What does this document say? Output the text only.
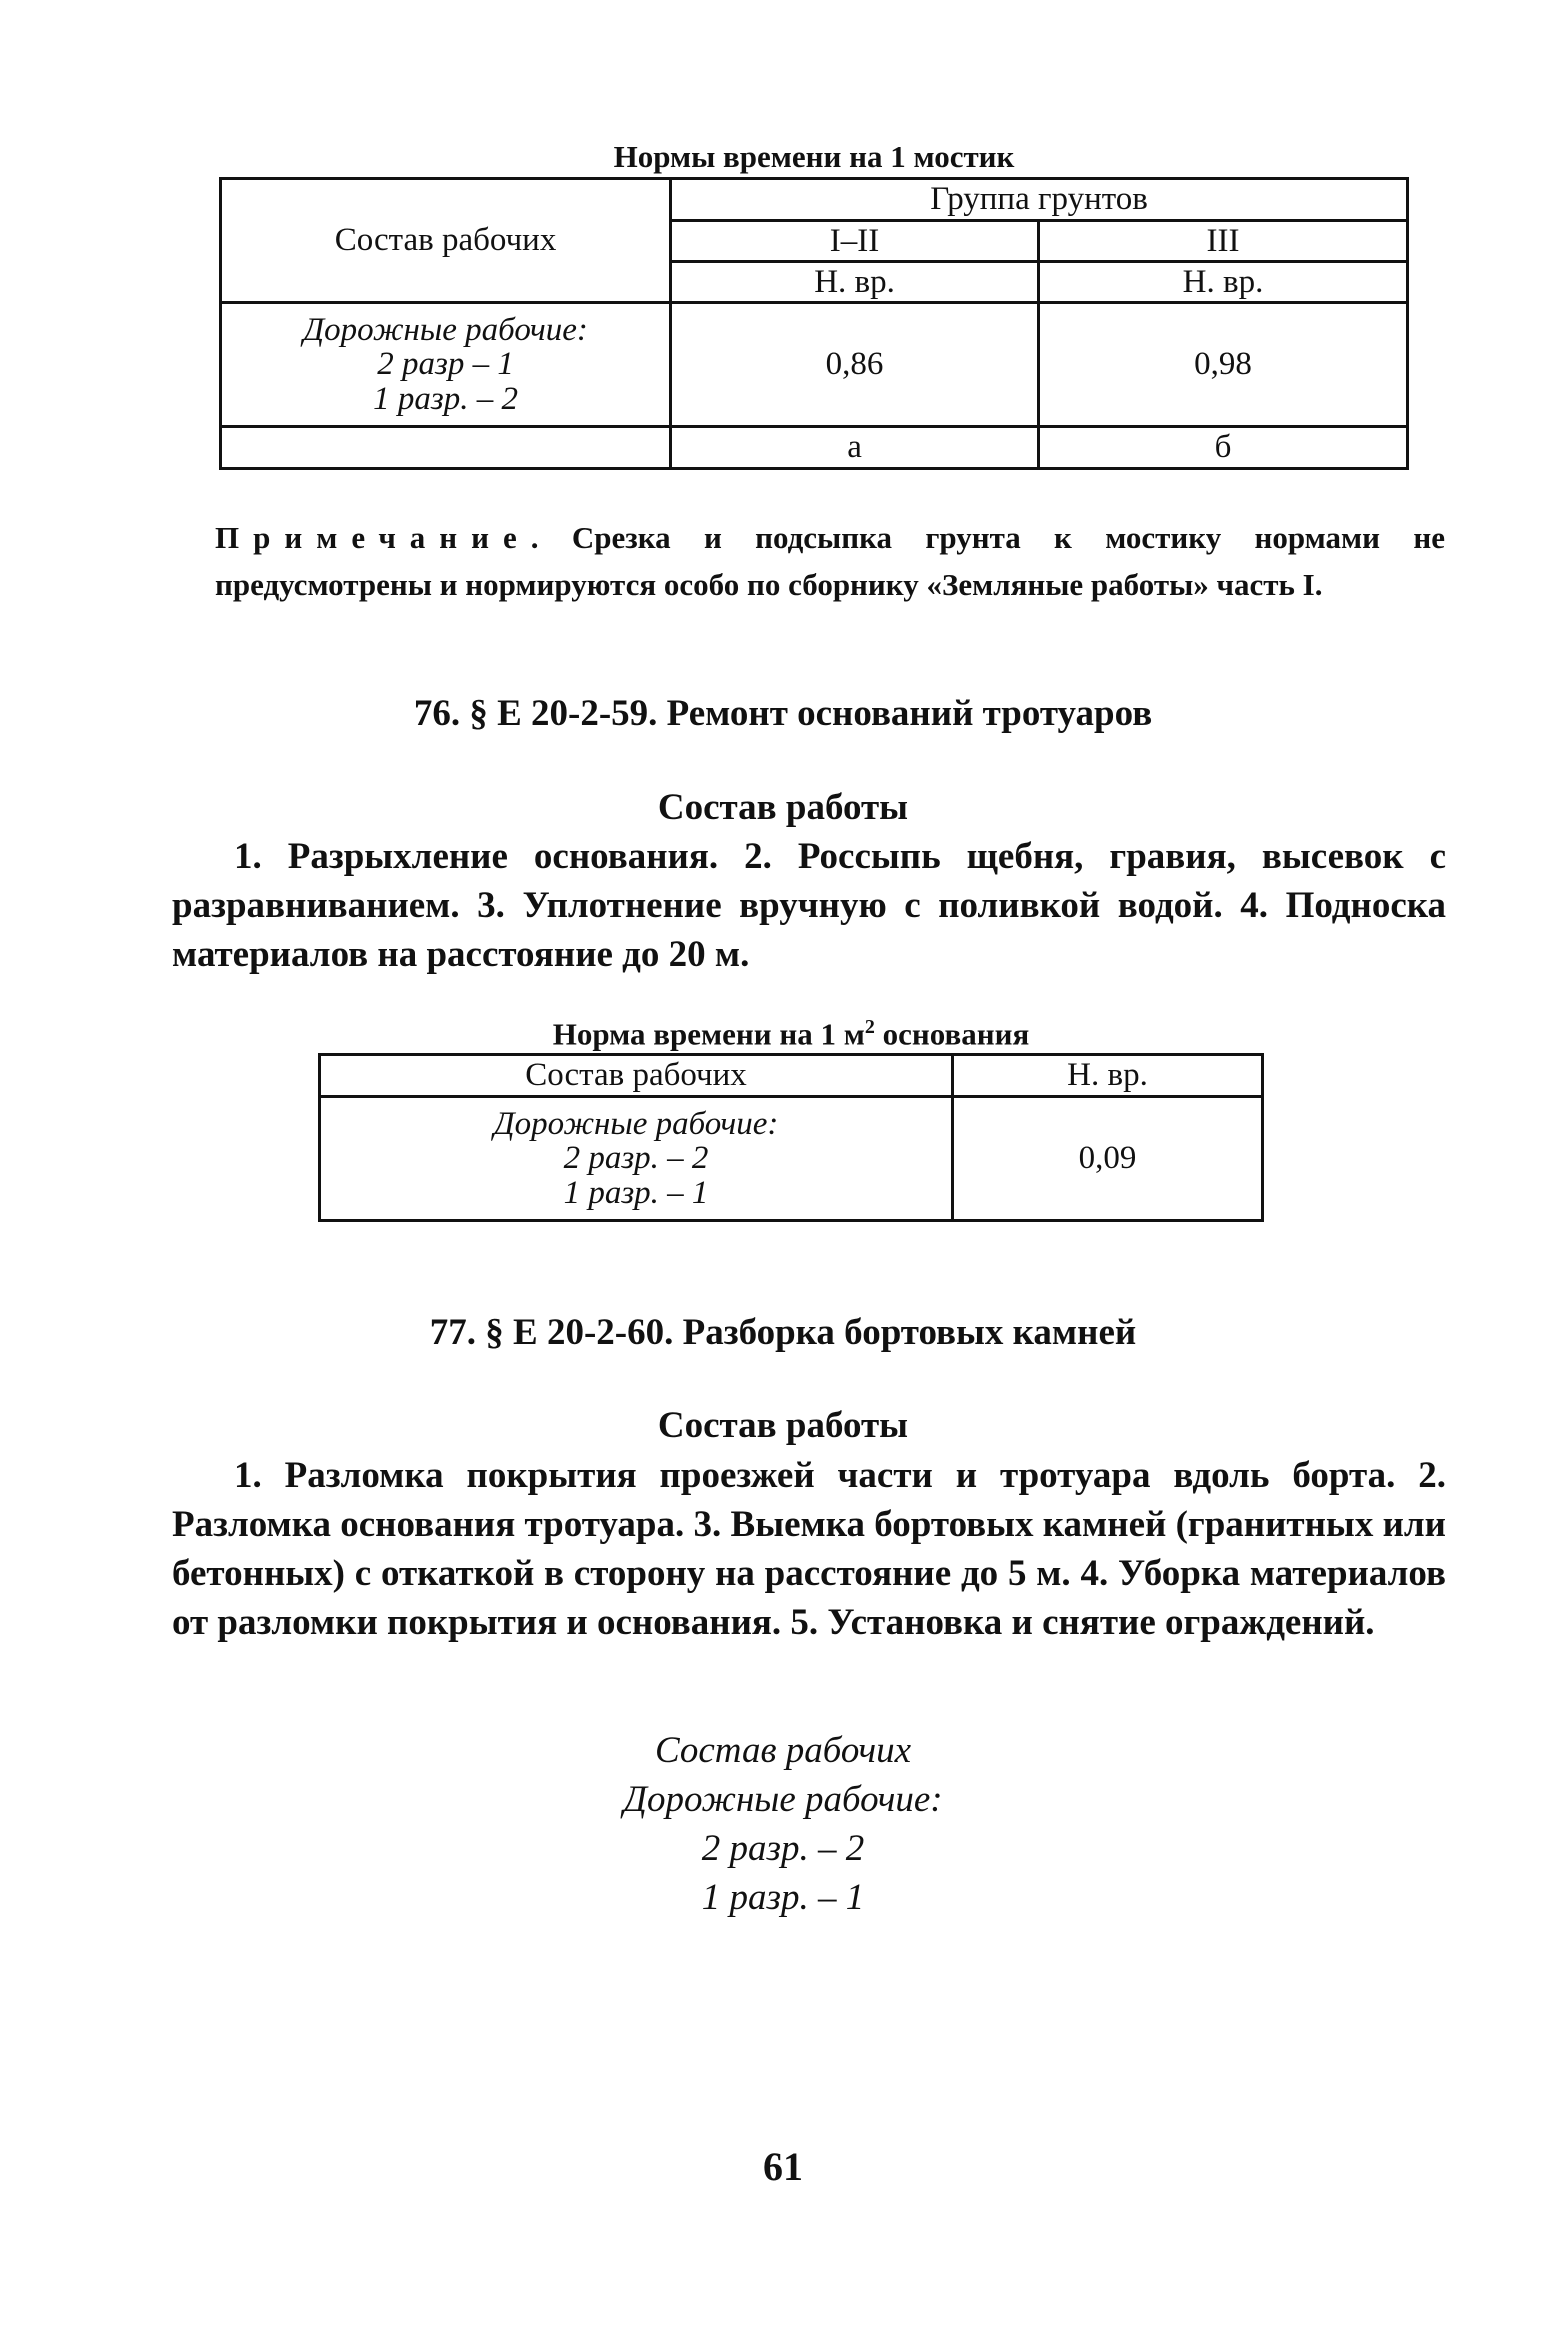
Нормы времени на 1 мостик
Состав рабочих	Группа грунтов	
	I–II	III
	Н. вр.	Н. вр.

Дорожные рабочие:
2 разр – 1
1 разр. – 2	0,86	0,98
	а	б
Примечание. Срезка и подсыпка грунта к мостику нормами не предусмотрены и нормируются особо по сборнику «Земляные работы» часть I.
76. § Е 20-2-59. Ремонт оснований тротуаров
Состав работы
1. Разрыхление основания. 2. Россыпь щебня, гравия, высевок с разравниванием. 3. Уплотнение вручную с поливкой водой. 4. Подноска материалов на расстояние до 20 м.
Норма времени на 1 $м^2$ основания
Состав рабочих	Н. вр.

Дорожные рабочие:
2 разр. – 2
1 разр. – 1	0,09
77. § Е 20-2-60. Разборка бортовых камней
Состав работы
1. Разломка покрытия проезжей части и тротуара вдоль борта. 2. Разломка основания тротуара. 3. Выемка бортовых камней (гранитных или бетонных) с откаткой в сторону на расстояние до 5 м. 4. Уборка материалов от разломки покрытия и основания. 5. Установка и снятие ограждений.
Состав рабочих
Дорожные рабочие:
2 разр. – 2
1 разр. – 1
61
